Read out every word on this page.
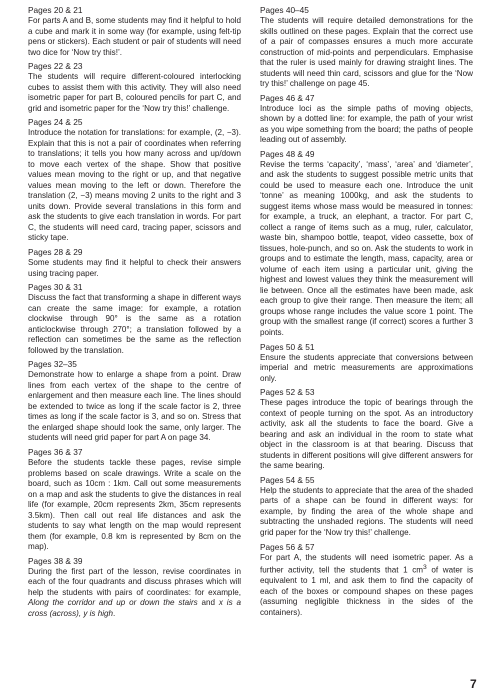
Pages 20 & 21

For parts A and B, some students may find it helpful to hold a cube and mark it in some way (for example, using felt-tip pens or stickers). Each student or pair of students will need two dice for ‘Now try this!’.

Pages 22 & 23

The students will require different-coloured interlocking cubes to assist them with this activity. They will also need isometric paper for part B, coloured pencils for part C, and grid and isometric paper for the ‘Now try this!’ challenge.

Pages 24 & 25

Introduce the notation for translations: for example, (2, −3). Explain that this is not a pair of coordinates when referring to translations; it tells you how many across and up/down to move each vertex of the shape. Show that positive values mean moving to the right or up, and that negative values mean moving to the left or down. Therefore the translation (2, −3) means moving 2 units to the right and 3 units down. Provide several translations in this form and ask the students to give each translation in words. For part C, the students will need card, tracing paper, scissors and sticky tape.

Pages 28 & 29

Some students may find it helpful to check their answers using tracing paper.

Pages 30 & 31

Discuss the fact that transforming a shape in different ways can create the same image: for example, a rotation clockwise through 90° is the same as a rotation anticlockwise through 270°; a translation followed by a reflection can sometimes be the same as the reflection followed by the translation.

Pages 32–35

Demonstrate how to enlarge a shape from a point. Draw lines from each vertex of the shape to the centre of enlargement and then measure each line. The lines should be extended to twice as long if the scale factor is 2, three times as long if the scale factor is 3, and so on. Stress that the enlarged shape should look the same, only larger. The students will need grid paper for part A on page 34.

Pages 36 & 37

Before the students tackle these pages, revise simple problems based on scale drawings. Write a scale on the board, such as 10cm : 1km. Call out some measurements on a map and ask the students to give the distances in real life (for example, 20cm represents 2km, 35cm represents 3.5km). Then call out real life distances and ask the students to say what length on the map would represent them (for example, 0.8 km is represented by 8cm on the map).

Pages 38 & 39

During the first part of the lesson, revise coordinates in each of the four quadrants and discuss phrases which will help the students with pairs of coordinates: for example, Along the corridor and up or down the stairs and x is a cross (across), y is high.

Pages 40–45

The students will require detailed demonstrations for the skills outlined on these pages. Explain that the correct use of a pair of compasses ensures a much more accurate construction of mid-points and perpendiculars. Emphasise that the ruler is used mainly for drawing straight lines. The students will need thin card, scissors and glue for the ‘Now try this!’ challenge on page 45.

Pages 46 & 47

Introduce loci as the simple paths of moving objects, shown by a dotted line: for example, the path of your wrist as you wipe something from the board; the paths of people leading out of assembly.

Pages 48 & 49

Revise the terms ‘capacity’, ‘mass’, ‘area’ and ‘diameter’, and ask the students to suggest possible metric units that could be used to measure each one. Introduce the unit ‘tonne’ as meaning 1000kg, and ask the students to suggest items whose mass would be measured in tonnes: for example, a truck, an elephant, a tractor. For part C, collect a range of items such as a mug, ruler, calculator, waste bin, shampoo bottle, teapot, video cassette, box of tissues, hole-punch, and so on. Ask the students to work in groups and to estimate the length, mass, capacity, area or volume of each item using a particular unit, giving the highest and lowest values they think the measurement will lie between. Once all the estimates have been made, ask each group to give their range. Then measure the item; all groups whose range includes the value score 1 point. The group with the smallest range (if correct) scores a further 3 points.

Pages 50 & 51

Ensure the students appreciate that conversions between imperial and metric measurements are approximations only.

Pages 52 & 53

These pages introduce the topic of bearings through the context of people turning on the spot. As an introductory activity, ask all the students to face the board. Give a bearing and ask an individual in the room to state what object in the classroom is at that bearing. Discuss that students in different positions will give different answers for the same bearing.

Pages 54 & 55

Help the students to appreciate that the area of the shaded parts of a shape can be found in different ways: for example, by finding the area of the whole shape and subtracting the unshaded regions. The students will need grid paper for the ‘Now try this!’ challenge.

Pages 56 & 57

For part A, the students will need isometric paper. As a further activity, tell the students that 1 $cm^3$ of water is equivalent to 1 ml, and ask them to find the capacity of each of the boxes or compound shapes on these pages (assuming negligible thickness in the sides of the containers).

7
